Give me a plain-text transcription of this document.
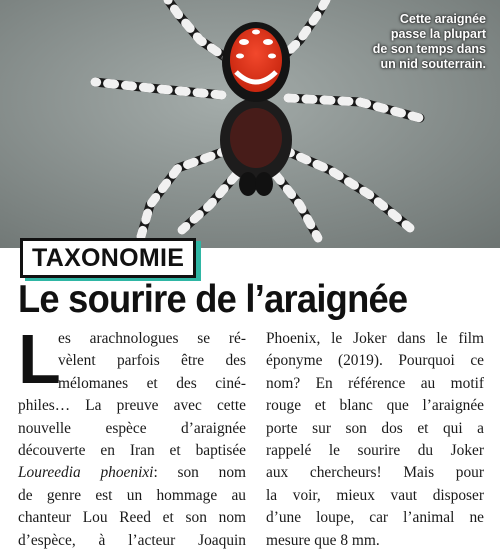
Cette araignée
passe la plupart
de son temps dans
un nid souterrain.
TAXONOMIE
Le sourire de l’araignée
L
es arachnologues se ré-
vèlent parfois être des
mélomanes et des ciné-
philes… La preuve avec cette
nouvelle espèce d’araignée
découverte en Iran et baptisée
Loureedia phoenixi: son nom
de genre est un hommage au
chanteur Lou Reed et son nom
d’espèce, à l’acteur Joaquin
Phoenix, le Joker dans le film
éponyme (2019). Pourquoi ce
nom? En référence au motif
rouge et blanc que l’araignée
porte sur son dos et qui a
rappelé le sourire du Joker
aux chercheurs! Mais pour
la voir, mieux vaut disposer
d’une loupe, car l’animal ne
mesure que 8 mm.
